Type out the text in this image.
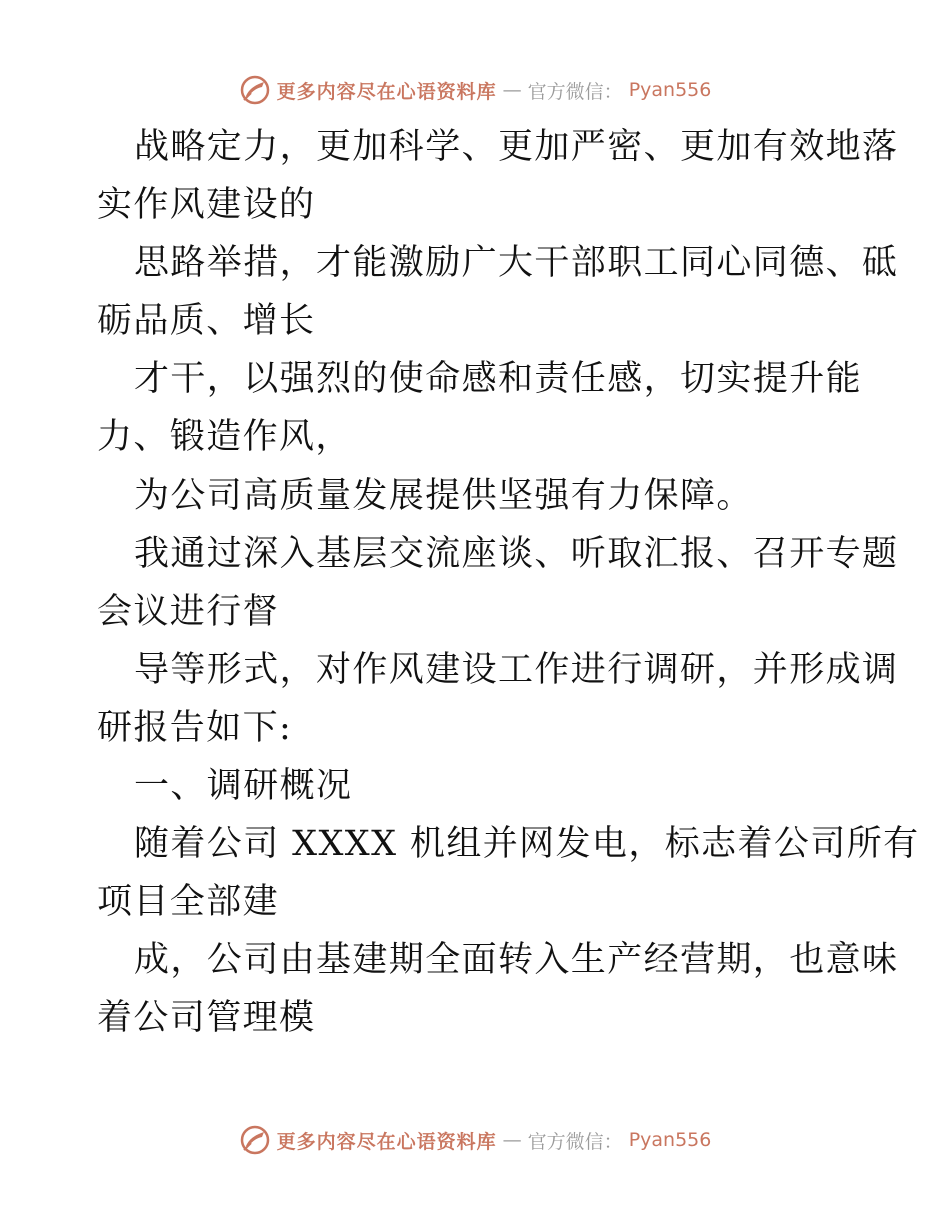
更多内容尽在心语资料库 — 官方微信： Pyan556
战略定力，更加科学、更加严密、更加有效地落
实作风建设的
思路举措，才能激励广大干部职工同心同德、砥
砺品质、增长
才干，以强烈的使命感和责任感，切实提升能
力、锻造作风，
为公司高质量发展提供坚强有力保障。
我通过深入基层交流座谈、听取汇报、召开专题
会议进行督
导等形式，对作风建设工作进行调研，并形成调
研报告如下:
一、调研概况
随着公司 XXXX 机组并网发电，标志着公司所有
项目全部建
成，公司由基建期全面转入生产经营期，也意味
着公司管理模
更多内容尽在心语资料库 — 官方微信： Pyan556
